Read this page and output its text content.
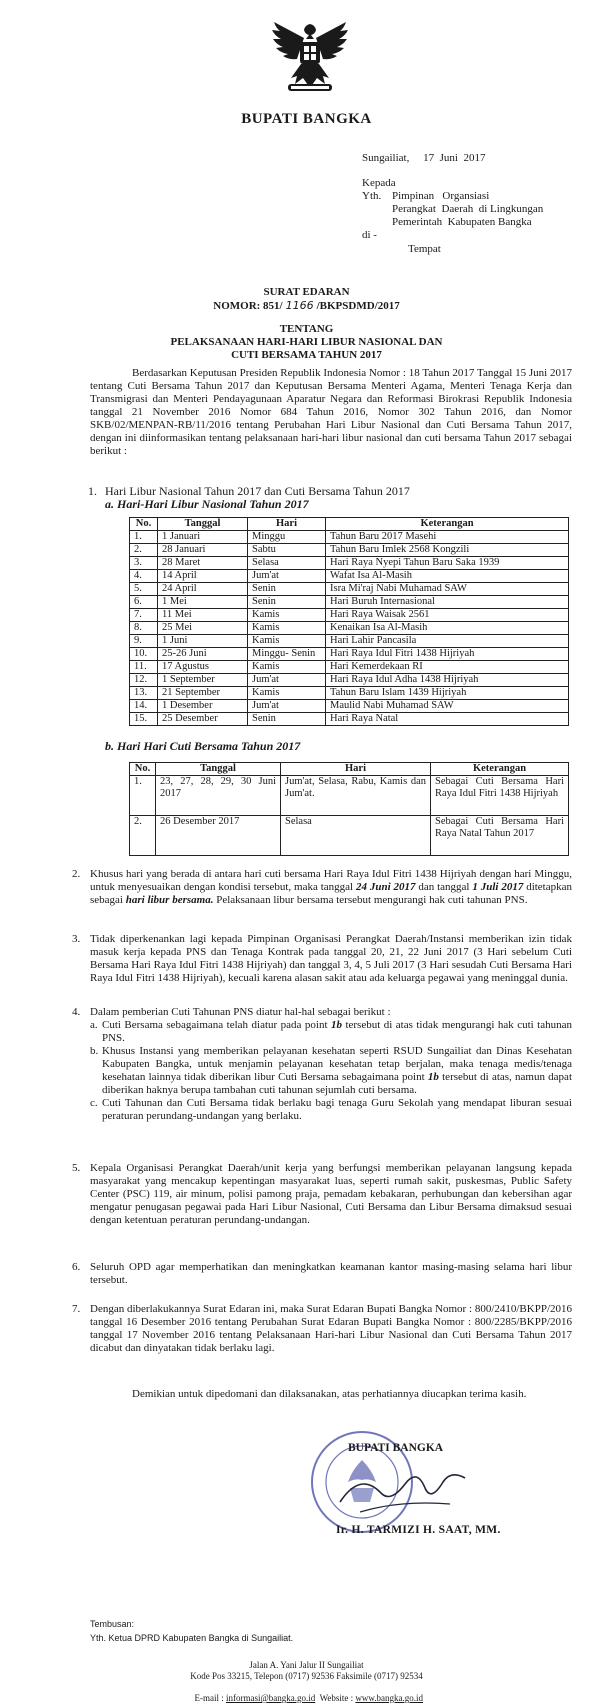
BUPATI BANGKA
Sungailiat,     17  Juni  2017
Kepada
Yth. Pimpinan   Organsiasi
Perangkat  Daerah  di Lingkungan
Pemerintah  Kabupaten Bangka
di -
Tempat
SURAT EDARAN
NOMOR: 851/ 1166 /BKPSDMD/2017
TENTANG
PELAKSANAAN HARI-HARI LIBUR NASIONAL DAN
CUTI BERSAMA TAHUN 2017

Berdasarkan Keputusan Presiden Republik Indonesia Nomor : 18 Tahun 2017 Tanggal 15 Juni 2017 tentang Cuti Bersama Tahun 2017 dan Keputusan Bersama Menteri Agama, Menteri Tenaga Kerja dan Transmigrasi dan Menteri Pendayagunaan Aparatur Negara dan Reformasi Birokrasi Republik Indonesia tanggal 21 November 2016 Nomor 684 Tahun 2016, Nomor 302 Tahun 2016, dan Nomor SKB/02/MENPAN-RB/11/2016 tentang Perubahan Hari Libur Nasional dan Cuti Bersama Tahun 2017, dengan ini diinformasikan tentang pelaksanaan hari-hari libur nasional dan cuti bersama Tahun 2017 sebagai berikut :

1. Hari Libur Nasional Tahun 2017 dan Cuti Bersama Tahun 2017
a. Hari-Hari Libur Nasional Tahun 2017
No.	Tanggal	Hari	Keterangan
1.	1 Januari	Minggu	Tahun Baru 2017 Masehi
2.	28 Januari	Sabtu	Tahun Baru Imlek 2568 Kongzili
3.	28 Maret	Selasa	Hari Raya Nyepi Tahun Baru Saka 1939
4.	14 April	Jum'at	Wafat Isa Al-Masih
5.	24 April	Senin	Isra Mi'raj Nabi Muhamad SAW
6.	1 Mei	Senin	Hari Buruh Internasional
7.	11 Mei	Kamis	Hari Raya Waisak 2561
8.	25 Mei	Kamis	Kenaikan Isa Al-Masih
9.	1 Juni	Kamis	Hari Lahir Pancasila
10.	25-26 Juni	Minggu- Senin	Hari Raya Idul Fitri 1438 Hijriyah
11.	17 Agustus	Kamis	Hari Kemerdekaan RI
12.	1 September	Jum'at	Hari Raya Idul Adha 1438 Hijriyah
13.	21 September	Kamis	Tahun Baru Islam 1439 Hijriyah
14.	1 Desember	Jum'at	Maulid Nabi Muhamad SAW
15.	25 Desember	Senin	Hari Raya Natal
b. Hari Hari Cuti Bersama Tahun 2017
No.	Tanggal	Hari	Keterangan
1.	23, 27, 28, 29, 30 Juni 2017	Jum'at, Selasa, Rabu, Kamis dan Jum'at.	Sebagai Cuti Bersama Hari Raya Idul Fitri 1438 Hijriyah
2.	26 Desember 2017	Selasa	Sebagai Cuti Bersama Hari Raya Natal Tahun 2017
2. Khusus hari yang berada di antara hari cuti bersama Hari Raya Idul Fitri 1438 Hijriyah dengan hari Minggu, untuk menyesuaikan dengan kondisi tersebut, maka tanggal 24 Juni 2017 dan tanggal 1 Juli 2017 ditetapkan sebagai hari libur bersama. Pelaksanaan libur bersama tersebut mengurangi hak cuti tahunan PNS.
3. Tidak diperkenankan lagi kepada Pimpinan Organisasi Perangkat Daerah/Instansi memberikan izin tidak masuk kerja kepada PNS dan Tenaga Kontrak pada tanggal 20, 21, 22 Juni 2017 (3 Hari sebelum Cuti Bersama Hari Raya Idul Fitri 1438 Hijriyah) dan tanggal 3, 4, 5 Juli 2017 (3 Hari sesudah Cuti Bersama Hari Raya Idul Fitri 1438 Hijriyah), kecuali karena alasan sakit atau ada keluarga pegawai yang meninggal dunia.
4. Dalam pemberian Cuti Tahunan PNS diatur hal-hal sebagai berikut :
a. Cuti Bersama sebagaimana telah diatur pada point 1b tersebut di atas tidak mengurangi hak cuti tahunan PNS.
b. Khusus Instansi yang memberikan pelayanan kesehatan seperti RSUD Sungailiat dan Dinas Kesehatan Kabupaten Bangka, untuk menjamin pelayanan kesehatan tetap berjalan, maka tenaga medis/tenaga kesehatan lainnya tidak diberikan libur Cuti Bersama sebagaimana point 1b tersebut di atas, namun dapat diberikan haknya berupa tambahan cuti tahunan sejumlah cuti bersama.
c. Cuti Tahunan dan Cuti Bersama tidak berlaku bagi tenaga Guru Sekolah yang mendapat liburan sesuai peraturan perundang-undangan yang berlaku.
5. Kepala Organisasi Perangkat Daerah/unit kerja yang berfungsi memberikan pelayanan langsung kepada masyarakat yang mencakup kepentingan masyarakat luas, seperti rumah sakit, puskesmas, Public Safety Center (PSC) 119, air minum, polisi pamong praja, pemadam kebakaran, perhubungan dan kebersihan agar mengatur penugasan pegawai pada Hari Libur Nasional, Cuti Bersama dan Libur Bersama dimaksud sesuai dengan ketentuan peraturan perundang-undangan.
6. Seluruh OPD agar memperhatikan dan meningkatkan keamanan kantor masing-masing selama hari libur tersebut.
7. Dengan diberlakukannya Surat Edaran ini, maka Surat Edaran Bupati Bangka Nomor : 800/2410/BKPP/2016 tanggal 16 Desember 2016 tentang Perubahan Surat Edaran Bupati Bangka Nomor : 800/2285/BKPP/2016 tanggal 17 November 2016 tentang Pelaksanaan Hari-hari Libur Nasional dan Cuti Bersama Tahun 2017 dicabut dan dinyatakan tidak berlaku lagi.

Demikian untuk dipedomani dan dilaksanakan, atas perhatiannya diucapkan terima kasih.

BUPATI BANGKA
Ir. H. TARMIZI H. SAAT, MM.
Tembusan:
Yth. Ketua DPRD Kabupaten Bangka di Sungailiat.
Jalan A. Yani Jalur II Sungailiat
Kode Pos 33215, Telepon (0717) 92536 Faksimile (0717) 92534

E-mail : informasi@bangka.go.id  Website : www.bangka.go.id
